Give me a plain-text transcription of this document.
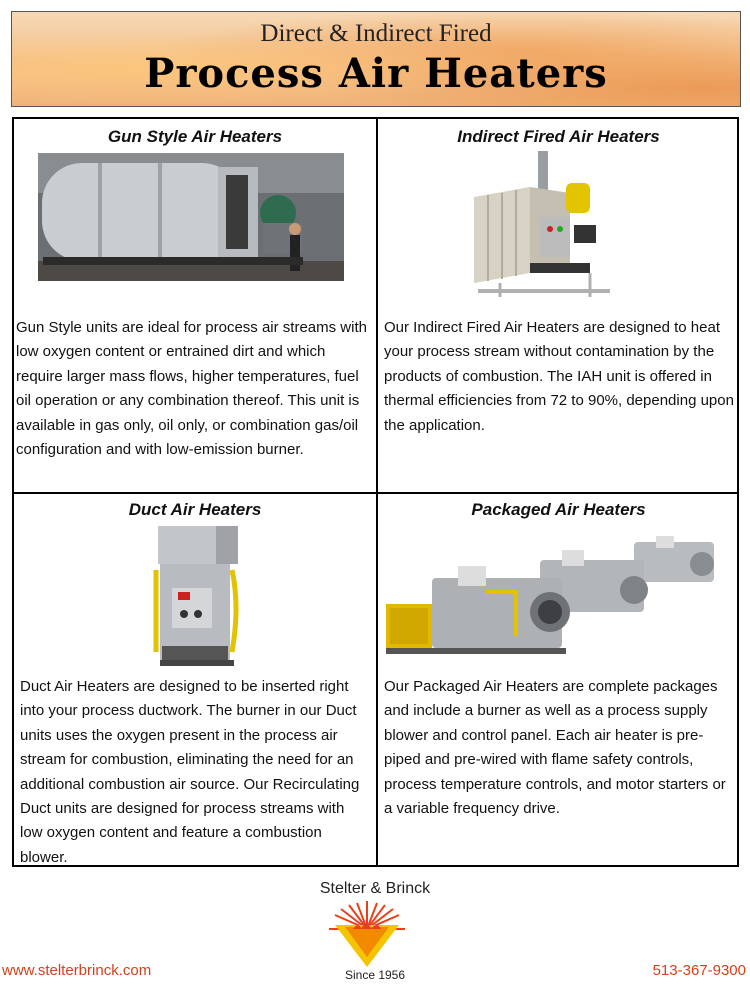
Direct & Indirect Fired
Process Air Heaters
Gun Style Air Heaters
Gun Style units are ideal for process air streams with low oxygen content or entrained dirt and which require larger mass flows, higher temperatures, fuel oil operation or any combination thereof. This unit is available in gas only, oil only, or combination gas/oil configuration and with low-emission burner.
Indirect Fired Air Heaters
Our Indirect Fired Air Heaters are designed to heat your process stream without contamination by the products of combustion. The IAH unit is offered in thermal efficiencies from 72 to 90%, depending upon the application.
Duct Air Heaters
Duct Air Heaters are designed to be inserted right into your process ductwork. The burner in our Duct units uses the oxygen present in the process air stream for combustion, eliminating the need for an additional combustion air source. Our Recirculating Duct units are designed for process streams with low oxygen content and feature a combustion blower.
Packaged Air Heaters
Our Packaged Air Heaters are complete packages and include a burner as well as a process supply blower and control panel. Each air heater is pre-piped and pre-wired with flame safety controls, process temperature controls, and motor starters or a variable frequency drive.
Stelter & Brinck
www.stelterbrinck.com	Since 1956	513-367-9300
